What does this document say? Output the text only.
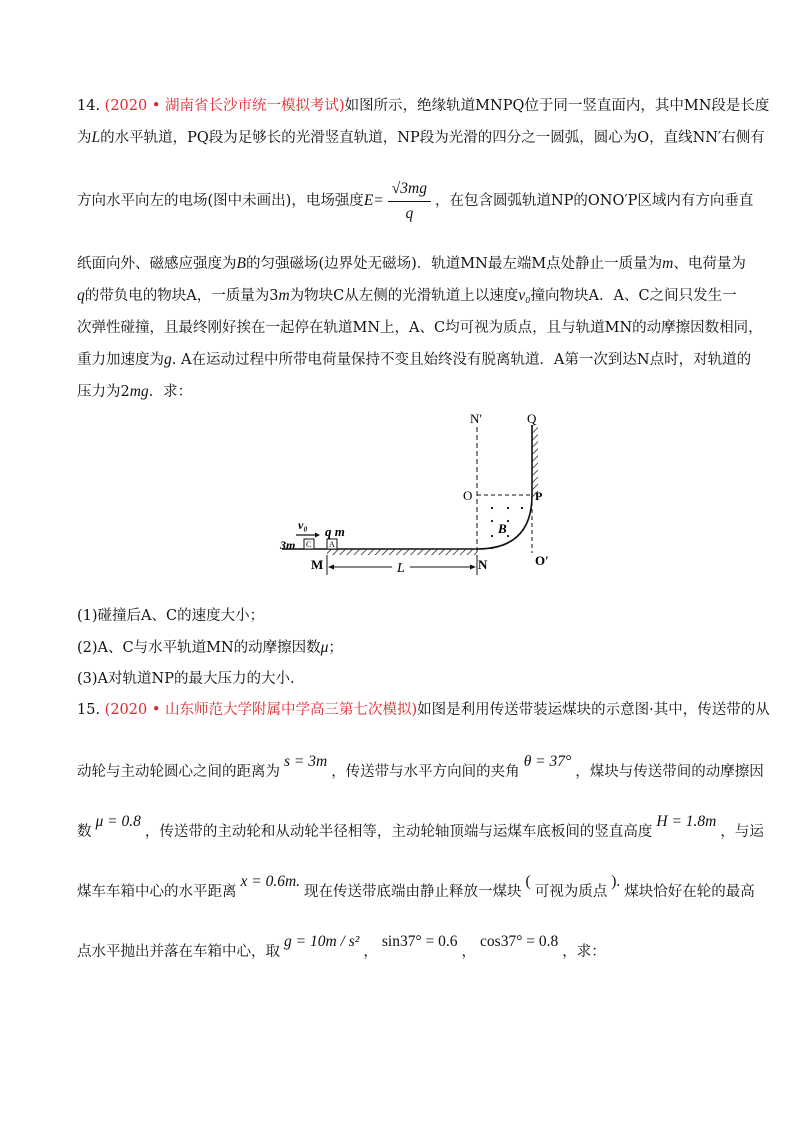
14. (2020 • 湖南省长沙市统一模拟考试)如图所示，绝缘轨道MNPQ位于同一竖直面内，其中MN段是长度
为L的水平轨道，PQ段为足够长的光滑竖直轨道，NP段为光滑的四分之一圆弧，圆心为O，直线NN′右侧有
方向水平向左的电场(图中未画出)，电场强度$E= \frac{√3mg}{q}$ ，在包含圆弧轨道NP的ONO′P区域内有方向垂直
纸面向外、磁感应强度为B的匀强磁场(边界处无磁场)．轨道MN最左端M点处静止一质量为m、电荷量为
q的带负电的物块A，一质量为3m为物块C从左侧的光滑轨道上以速度v₀撞向物块A．A、C之间只发生一
次弹性碰撞，且最终刚好挨在一起停在轨道MN上，A、C均可视为质点，且与轨道MN的动摩擦因数相同，
重力加速度为g. A在运动过程中所带电荷量保持不变且始终没有脱离轨道．A第一次到达N点时，对轨道的
压力为2mg．求：
N′	Q
O	P
B
O′
v₀ q m
3m C A
M	L	N
(1)碰撞后A、C的速度大小；
(2)A、C与水平轨道MN的动摩擦因数μ；
(3)A对轨道NP的最大压力的大小.
15. (2020 • 山东师范大学附属中学高三第七次模拟)如图是利用传送带装运煤块的示意图·其中，传送带的从
动轮与主动轮圆心之间的距离为s = 3m，传送带与水平方向间的夹角θ = 37°，煤块与传送带间的动摩擦因
数μ = 0.8，传送带的主动轮和从动轮半径相等，主动轮轴顶端与运煤车底板间的竖直高度H = 1.8m，与运
煤车车箱中心的水平距离x = 0.6m.现在传送带底端由静止释放一煤块(可视为质点).煤块恰好在轮的最高
点水平抛出并落在车箱中心，取g = 10m / s²，sin37° = 0.6，cos37° = 0.8，求：
